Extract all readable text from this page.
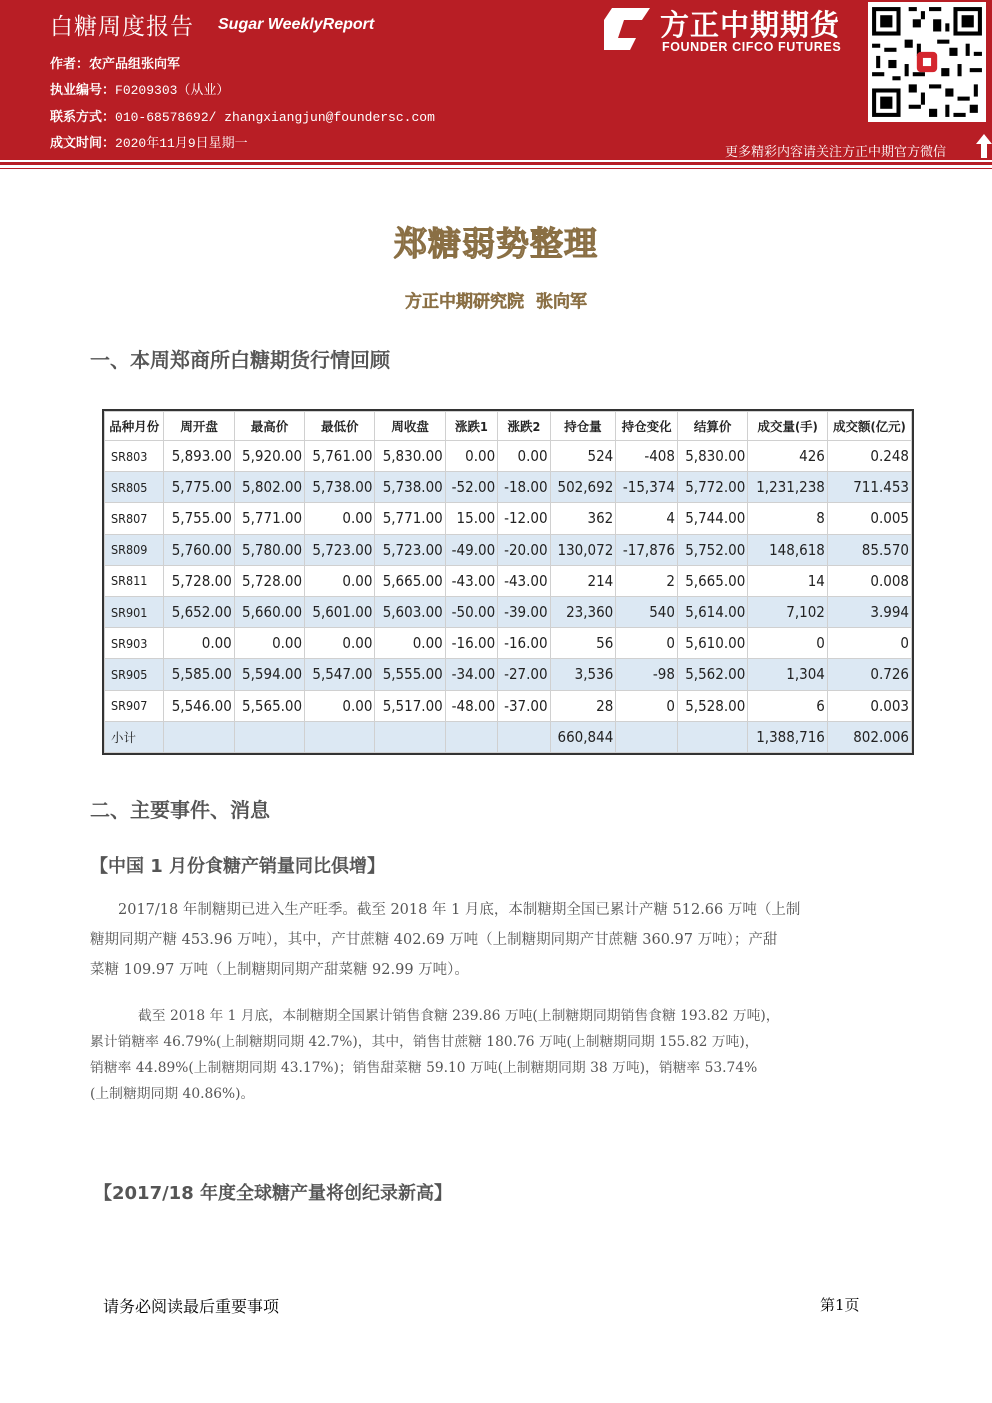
白糖周度报告 Sugar WeeklyReport
作者：农产品组张向军
执业编号：F0209303（从业）
联系方式：010-68578692/ zhangxiangjun@foundersc.com
成文时间：2020年11月9日星期一
方正中期期货
FOUNDER CIFCO FUTURES
更多精彩内容请关注方正中期官方微信
郑糖弱势整理
方正中期研究院 张向军
一、本周郑商所白糖期货行情回顾
品种月份	周开盘	最高价	最低价	周收盘	涨跌1	涨跌2	持仓量	持仓变化	结算价	成交量(手)	成交额(亿元)
SR803	5,893.00	5,920.00	5,761.00	5,830.00	0.00	0.00	524	-408	5,830.00	426	0.248
SR805	5,775.00	5,802.00	5,738.00	5,738.00	-52.00	-18.00	502,692	-15,374	5,772.00	1,231,238	711.453
SR807	5,755.00	5,771.00	0.00	5,771.00	15.00	-12.00	362	4	5,744.00	8	0.005
SR809	5,760.00	5,780.00	5,723.00	5,723.00	-49.00	-20.00	130,072	-17,876	5,752.00	148,618	85.570
SR811	5,728.00	5,728.00	0.00	5,665.00	-43.00	-43.00	214	2	5,665.00	14	0.008
SR901	5,652.00	5,660.00	5,601.00	5,603.00	-50.00	-39.00	23,360	540	5,614.00	7,102	3.994
SR903	0.00	0.00	0.00	0.00	-16.00	-16.00	56	0	5,610.00	0	0
SR905	5,585.00	5,594.00	5,547.00	5,555.00	-34.00	-27.00	3,536	-98	5,562.00	1,304	0.726
SR907	5,546.00	5,565.00	0.00	5,517.00	-48.00	-37.00	28	0	5,528.00	6	0.003
小计							660,844			1,388,716	802.006
二、主要事件、消息
【中国 1 月份食糖产销量同比俱增】
2017/18 年制糖期已进入生产旺季。截至 2018 年 1 月底，本制糖期全国已累计产糖 512.66 万吨（上制
糖期同期产糖 453.96 万吨），其中，产甘蔗糖 402.69 万吨（上制糖期同期产甘蔗糖 360.97 万吨）；产甜
菜糖 109.97 万吨（上制糖期同期产甜菜糖 92.99 万吨）。
截至 2018 年 1 月底，本制糖期全国累计销售食糖 239.86 万吨(上制糖期同期销售食糖 193.82 万吨)，
累计销糖率 46.79%(上制糖期同期 42.7%)，其中，销售甘蔗糖 180.76 万吨(上制糖期同期 155.82 万吨)，
销糖率 44.89%(上制糖期同期 43.17%)；销售甜菜糖 59.10 万吨(上制糖期同期 38 万吨)，销糖率 53.74%
(上制糖期同期 40.86%)。
【2017/18 年度全球糖产量将创纪录新高】
请务必阅读最后重要事项	第1页
